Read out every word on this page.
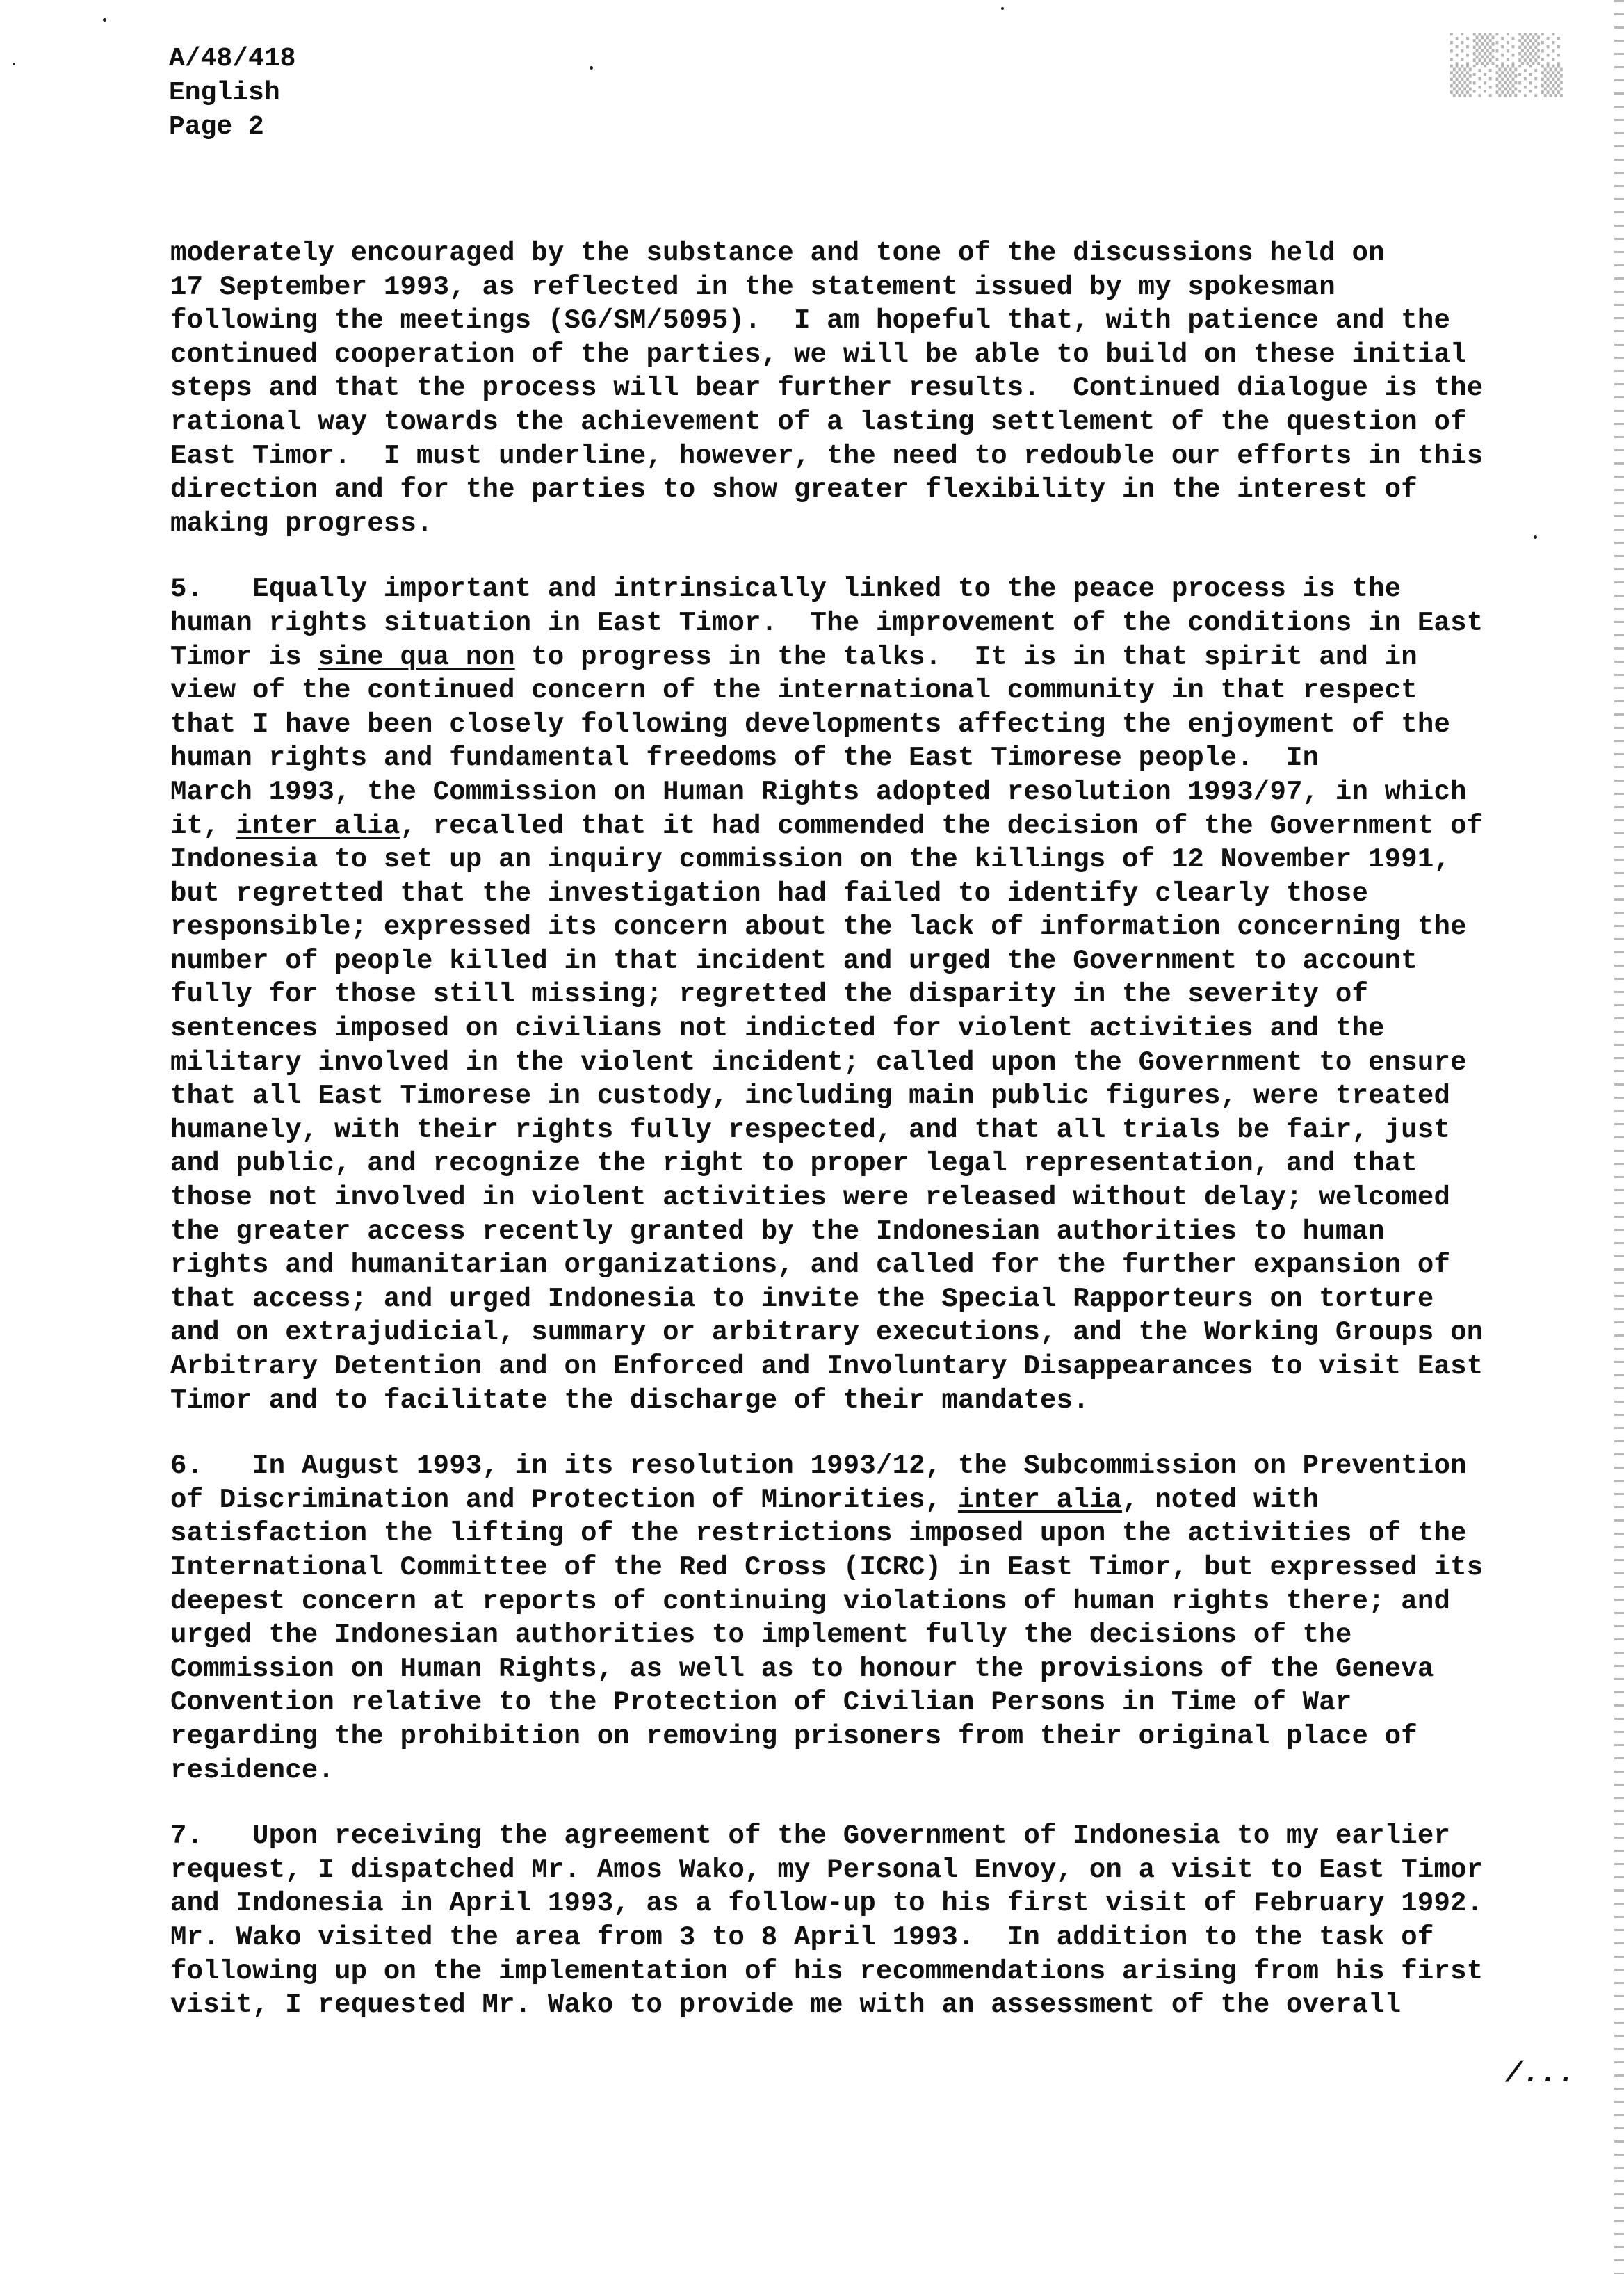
A/48/418
English
Page 2
░▒░▒░
▒░▒░▒
moderately encouraged by the substance and tone of the discussions held on
17 September 1993, as reflected in the statement issued by my spokesman
following the meetings (SG/SM/5095).  I am hopeful that, with patience and the
continued cooperation of the parties, we will be able to build on these initial
steps and that the process will bear further results.  Continued dialogue is the
rational way towards the achievement of a lasting settlement of the question of
East Timor.  I must underline, however, the need to redouble our efforts in this
direction and for the parties to show greater flexibility in the interest of
making progress.
5.   Equally important and intrinsically linked to the peace process is the
human rights situation in East Timor.  The improvement of the conditions in East
Timor is sine qua non to progress in the talks.  It is in that spirit and in
view of the continued concern of the international community in that respect
that I have been closely following developments affecting the enjoyment of the
human rights and fundamental freedoms of the East Timorese people.  In
March 1993, the Commission on Human Rights adopted resolution 1993/97, in which
it, inter alia, recalled that it had commended the decision of the Government of
Indonesia to set up an inquiry commission on the killings of 12 November 1991,
but regretted that the investigation had failed to identify clearly those
responsible; expressed its concern about the lack of information concerning the
number of people killed in that incident and urged the Government to account
fully for those still missing; regretted the disparity in the severity of
sentences imposed on civilians not indicted for violent activities and the
military involved in the violent incident; called upon the Government to ensure
that all East Timorese in custody, including main public figures, were treated
humanely, with their rights fully respected, and that all trials be fair, just
and public, and recognize the right to proper legal representation, and that
those not involved in violent activities were released without delay; welcomed
the greater access recently granted by the Indonesian authorities to human
rights and humanitarian organizations, and called for the further expansion of
that access; and urged Indonesia to invite the Special Rapporteurs on torture
and on extrajudicial, summary or arbitrary executions, and the Working Groups on
Arbitrary Detention and on Enforced and Involuntary Disappearances to visit East
Timor and to facilitate the discharge of their mandates.
6.   In August 1993, in its resolution 1993/12, the Subcommission on Prevention
of Discrimination and Protection of Minorities, inter alia, noted with
satisfaction the lifting of the restrictions imposed upon the activities of the
International Committee of the Red Cross (ICRC) in East Timor, but expressed its
deepest concern at reports of continuing violations of human rights there; and
urged the Indonesian authorities to implement fully the decisions of the
Commission on Human Rights, as well as to honour the provisions of the Geneva
Convention relative to the Protection of Civilian Persons in Time of War
regarding the prohibition on removing prisoners from their original place of
residence.
7.   Upon receiving the agreement of the Government of Indonesia to my earlier
request, I dispatched Mr. Amos Wako, my Personal Envoy, on a visit to East Timor
and Indonesia in April 1993, as a follow-up to his first visit of February 1992.
Mr. Wako visited the area from 3 to 8 April 1993.  In addition to the task of
following up on the implementation of his recommendations arising from his first
visit, I requested Mr. Wako to provide me with an assessment of the overall
/...
